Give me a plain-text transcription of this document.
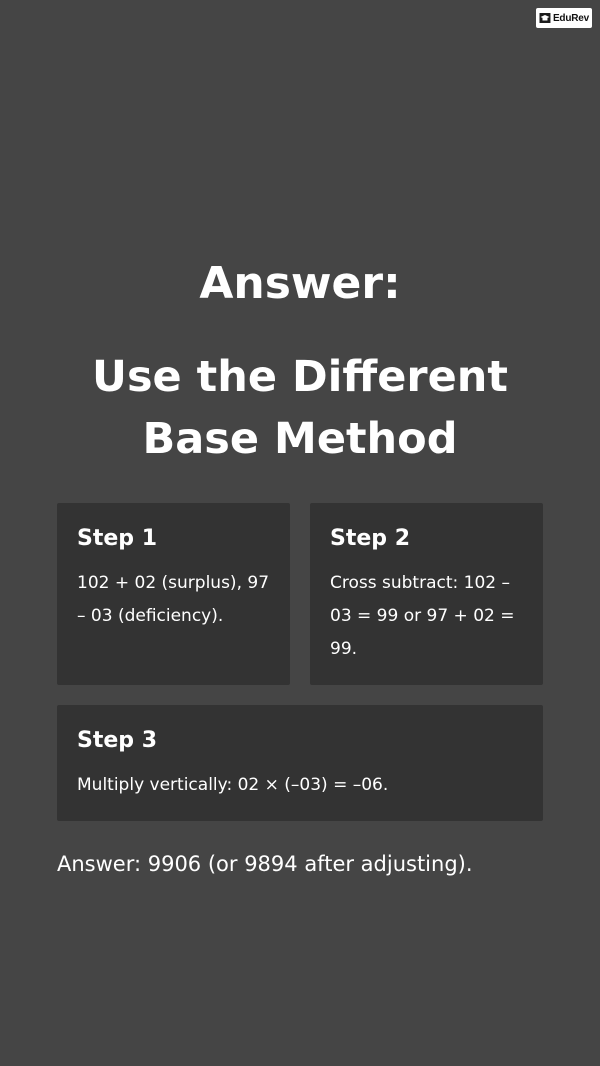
EduRev
Answer:
Use the Different
Base Method
Step 1

102 + 02 (surplus), 97 – 03 (deficiency).

Step 2

Cross subtract: 102 – 03 = 99 or 97 + 02 = 99.

Step 3

Multiply vertically: 02 × (–03) = –06.

Answer: 9906 (or 9894 after adjusting).
